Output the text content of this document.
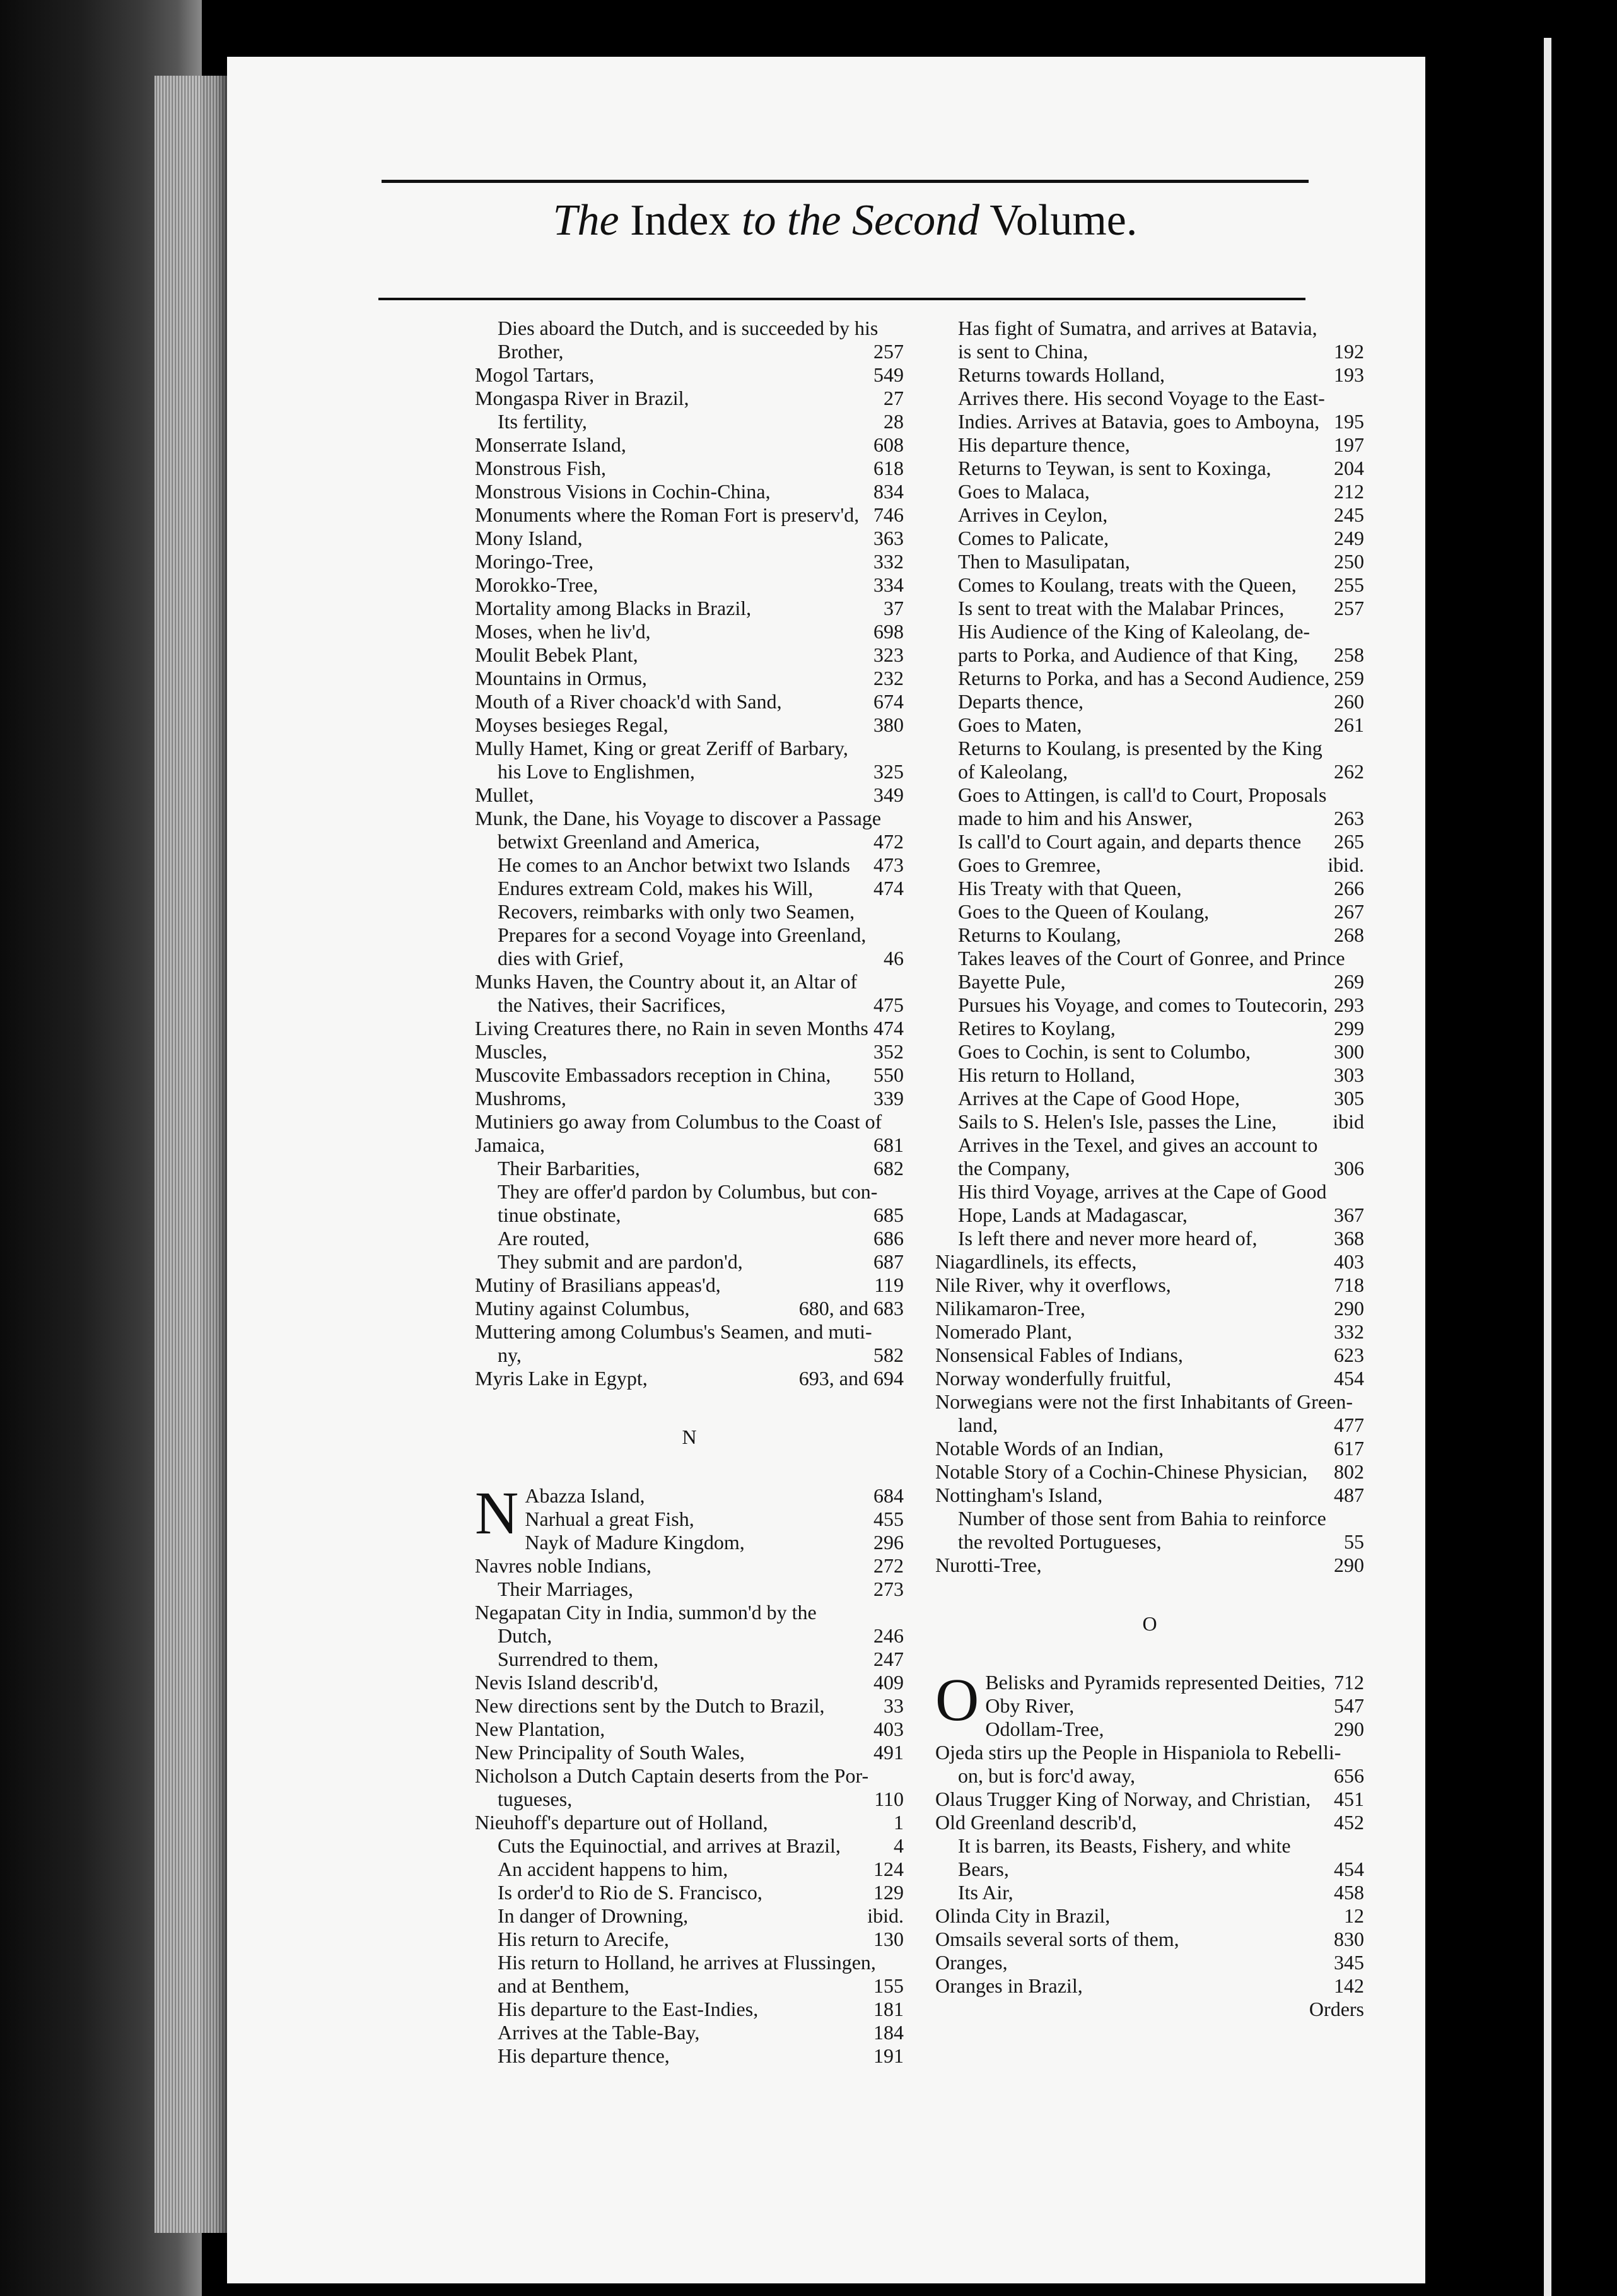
The Index to the Second Volume.
Dies aboard the Dutch, and is succeeded by his
Brother,	257
Mogol Tartars,	549
Mongaspa River in Brazil,	27
Its fertility,	28
Monserrate Island,	608
Monstrous Fish,	618
Monstrous Visions in Cochin-China,	834
Monuments where the Roman Fort is preserv'd, 746
Mony Island,	363
Moringo-Tree,	332
Morokko-Tree,	334
Mortality among Blacks in Brazil,	37
Moses, when he liv'd,	698
Moulit Bebek Plant,	323
Mountains in Ormus,	232
Mouth of a River choack'd with Sand,	674
Moyses besieges Regal,	380
Mully Hamet, King or great Zeriff of Barbary,
his Love to Englishmen,	325
Mullet,	349
Munk, the Dane, his Voyage to discover a Passage
betwixt Greenland and America,	472
He comes to an Anchor betwixt two Islands	473
Endures extream Cold, makes his Will,	474
Recovers, reimbarks with only two Seamen,
Prepares for a second Voyage into Greenland,
dies with Grief,	46
Munks Haven, the Country about it, an Altar of
the Natives, their Sacrifices,	475
Living Creatures there, no Rain in seven Months 474
Muscles,	352
Muscovite Embassadors reception in China, 550
Mushroms,	339
Mutiniers go away from Columbus to the Coast of
Jamaica,	681
Their Barbarities,	682
They are offer'd pardon by Columbus, but con-
tinue obstinate,	685
Are routed,	686
They submit and are pardon'd,	687
Mutiny of Brasilians appeas'd,	119
Mutiny against Columbus,	680, and 683
Muttering among Columbus's Seamen, and muti-
ny,	582
Myris Lake in Egypt,	693, and 694
N
N Abazza Island,	684
Narhual a great Fish,	455
Nayk of Madure Kingdom,	296
Navres noble Indians,	272
Their Marriages,	273
Negapatan City in India, summon'd by the
Dutch,	246
Surrendred to them,	247
Nevis Island describ'd,	409
New directions sent by the Dutch to Brazil,	33
New Plantation,	403
New Principality of South Wales,	491
Nicholson a Dutch Captain deserts from the Por-
tugueses,	110
Nieuhoff's departure out of Holland,	1
Cuts the Equinoctial, and arrives at Brazil,	4
An accident happens to him,	124
Is order'd to Rio de S. Francisco,	129
In danger of Drowning,	ibid.
His return to Arecife,	130
His return to Holland, he arrives at Flussingen,
and at Benthem,	155
His departure to the East-Indies,	181
Arrives at the Table-Bay,	184
His departure thence,	191
Has fight of Sumatra, and arrives at Batavia,
is sent to China,	192
Returns towards Holland,	193
Arrives there. His second Voyage to the East-
Indies. Arrives at Batavia, goes to Amboyna, 195
His departure thence,	197
Returns to Teywan, is sent to Koxinga,	204
Goes to Malaca,	212
Arrives in Ceylon,	245
Comes to Palicate,	249
Then to Masulipatan,	250
Comes to Koulang, treats with the Queen, 255
Is sent to treat with the Malabar Princes, 257
His Audience of the King of Kaleolang, de-
parts to Porka, and Audience of that King, 258
Returns to Porka, and has a Second Audience, 259
Departs thence,	260
Goes to Maten,	261
Returns to Koulang, is presented by the King
of Kaleolang,	262
Goes to Attingen, is call'd to Court, Proposals
made to him and his Answer,	263
Is call'd to Court again, and departs thence	265
Goes to Gremree,	ibid.
His Treaty with that Queen,	266
Goes to the Queen of Koulang,	267
Returns to Koulang,	268
Takes leaves of the Court of Gonree, and Prince
Bayette Pule,	269
Pursues his Voyage, and comes to Toutecorin, 293
Retires to Koylang,	299
Goes to Cochin, is sent to Columbo,	300
His return to Holland,	303
Arrives at the Cape of Good Hope,	305
Sails to S. Helen's Isle, passes the Line,	ibid
Arrives in the Texel, and gives an account to
the Company,	306
His third Voyage, arrives at the Cape of Good
Hope, Lands at Madagascar,	367
Is left there and never more heard of,	368
Niagardlinels, its effects,	403
Nile River, why it overflows,	718
Nilikamaron-Tree,	290
Nomerado Plant,	332
Nonsensical Fables of Indians,	623
Norway wonderfully fruitful,	454
Norwegians were not the first Inhabitants of Green-
land,	477
Notable Words of an Indian,	617
Notable Story of a Cochin-Chinese Physician, 802
Nottingham's Island,	487
Number of those sent from Bahia to reinforce
the revolted Portugueses,	55
Nurotti-Tree,	290
O
O Belisks and Pyramids represented Deities, 712
Oby River,	547
Odollam-Tree,	290
Ojeda stirs up the People in Hispaniola to Rebelli-
on, but is forc'd away,	656
Olaus Trugger King of Norway, and Christian, 451
Old Greenland describ'd,	452
It is barren, its Beasts, Fishery, and white
Bears,	454
Its Air,	458
Olinda City in Brazil,	12
Omsails several sorts of them,	830
Oranges,	345
Oranges in Brazil,	142
Orders
